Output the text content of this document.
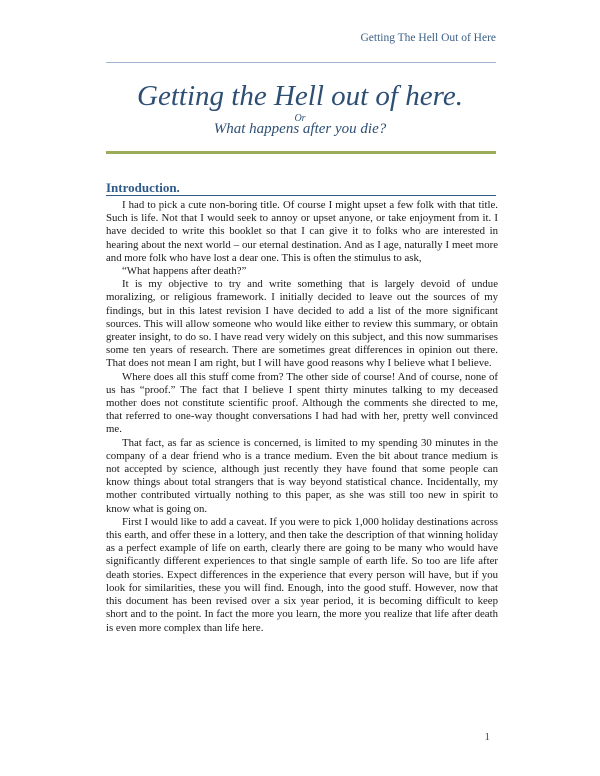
Getting The Hell Out of Here
Getting the Hell out of here.
Or
What happens after you die?
Introduction.

I had to pick a cute non-boring title. Of course I might upset a few folk with that title. Such is life. Not that I would seek to annoy or upset anyone, or take enjoyment from it. I have decided to write this booklet so that I can give it to folks who are interested in hearing about the next world – our eternal destination. And as I age, naturally I meet more and more folk who have lost a dear one. This is often the stimulus to ask,

“What happens after death?”

It is my objective to try and write something that is largely devoid of undue moralizing, or religious framework. I initially decided to leave out the sources of my findings, but in this latest revision I have decided to add a list of the more significant sources. This will allow someone who would like either to review this summary, or obtain greater insight, to do so. I have read very widely on this subject, and this now summarises some ten years of research. There are sometimes great differences in opinion out there. That does not mean I am right, but I will have good reasons why I believe what I believe.

Where does all this stuff come from? The other side of course! And of course, none of us has “proof.” The fact that I believe I spent thirty minutes talking to my deceased mother does not constitute scientific proof. Although the comments she directed to me, that referred to one-way thought conversations I had had with her, pretty well convinced me.

That fact, as far as science is concerned, is limited to my spending 30 minutes in the company of a dear friend who is a trance medium. Even the bit about trance medium is not accepted by science, although just recently they have found that some people can know things about total strangers that is way beyond statistical chance. Incidentally, my mother contributed virtually nothing to this paper, as she was still too new in spirit to know what is going on.

First I would like to add a caveat. If you were to pick 1,000 holiday destinations across this earth, and offer these in a lottery, and then take the description of that winning holiday as a perfect example of life on earth, clearly there are going to be many who would have significantly different experiences to that single sample of earth life. So too are life after death stories. Expect differences in the experience that every person will have, but if you look for similarities, these you will find. Enough, into the good stuff. However, now that this document has been revised over a six year period, it is becoming difficult to keep short and to the point. In fact the more you learn, the more you realize that life after death is even more complex than life here.

1
